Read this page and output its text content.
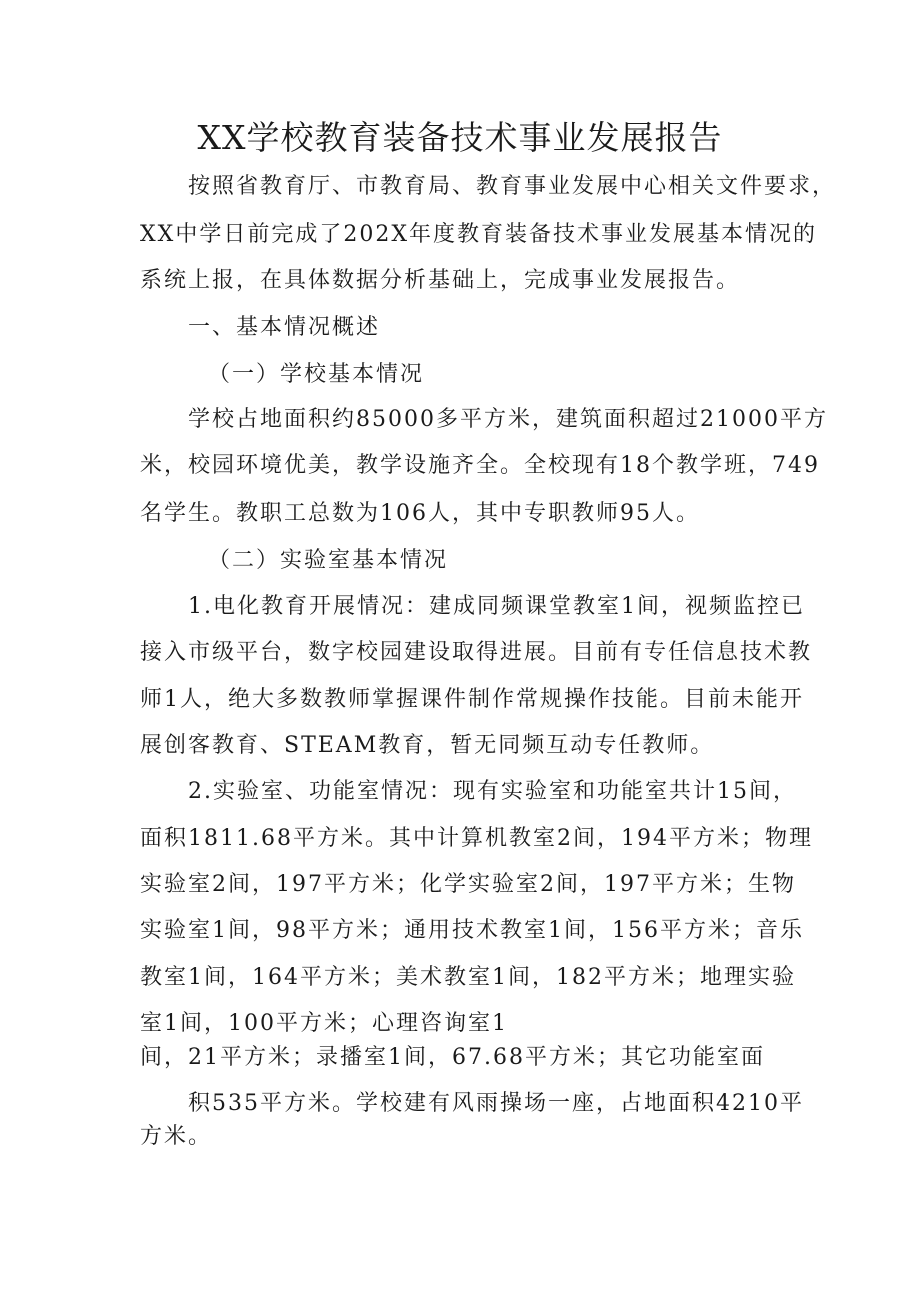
XX学校教育装备技术事业发展报告
按照省教育厅、市教育局、教育事业发展中心相关文件要求，
XX中学日前完成了202X年度教育装备技术事业发展基本情况的
系统上报，在具体数据分析基础上，完成事业发展报告。
一、基本情况概述
（一）学校基本情况
学校占地面积约85000多平方米，建筑面积超过21000平方
米，校园环境优美，教学设施齐全。全校现有18个教学班，749
名学生。教职工总数为106人，其中专职教师95人。
（二）实验室基本情况
1.电化教育开展情况：建成同频课堂教室1间，视频监控已
接入市级平台，数字校园建设取得进展。目前有专任信息技术教
师1人，绝大多数教师掌握课件制作常规操作技能。目前未能开
展创客教育、STEAM教育，暂无同频互动专任教师。
2.实验室、功能室情况：现有实验室和功能室共计15间，
面积1811.68平方米。其中计算机教室2间，194平方米；物理
实验室2间，197平方米；化学实验室2间，197平方米；生物
实验室1间，98平方米；通用技术教室1间，156平方米；音乐
教室1间，164平方米；美术教室1间，182平方米；地理实验
室1间，100平方米；心理咨询室1
间，21平方米；录播室1间，67.68平方米；其它功能室面
积535平方米。学校建有风雨操场一座，占地面积4210平
方米。
